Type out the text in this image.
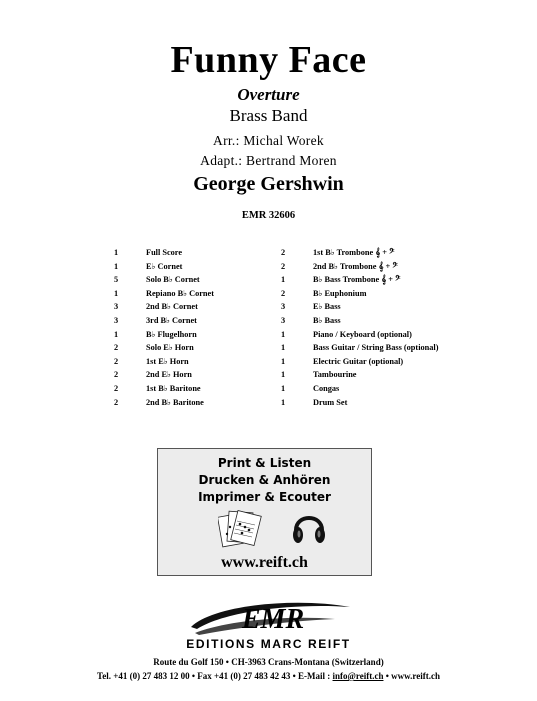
Funny Face
Overture
Brass Band
Arr.: Michal Worek
Adapt.: Bertrand Moren
George Gershwin
EMR 32606
1	Full Score
1	E♭ Cornet
5	Solo B♭ Cornet
1	Repiano B♭ Cornet
3	2nd B♭ Cornet
3	3rd B♭ Cornet
1	B♭ Flugelhorn
2	Solo E♭ Horn
2	1st E♭ Horn
2	2nd E♭ Horn
2	1st B♭ Baritone
2	2nd B♭ Baritone
2	1st B♭ Trombone 𝄞 + 𝄢
2	2nd B♭ Trombone 𝄞 + 𝄢
1	B♭ Bass Trombone 𝄞 + 𝄢
2	B♭ Euphonium
3	E♭ Bass
3	B♭ Bass
1	Piano / Keyboard (optional)
1	Bass Guitar / String Bass (optional)
1	Electric Guitar (optional)
1	Tambourine
1	Congas
1	Drum Set
Print & Listen
Drucken & Anhören
Imprimer & Ecouter
www.reift.ch
EMR
EDITIONS MARC REIFT
Route du Golf 150 • CH-3963 Crans-Montana (Switzerland)
Tel. +41 (0) 27 483 12 00 • Fax +41 (0) 27 483 42 43 • E-Mail : info@reift.ch • www.reift.ch
